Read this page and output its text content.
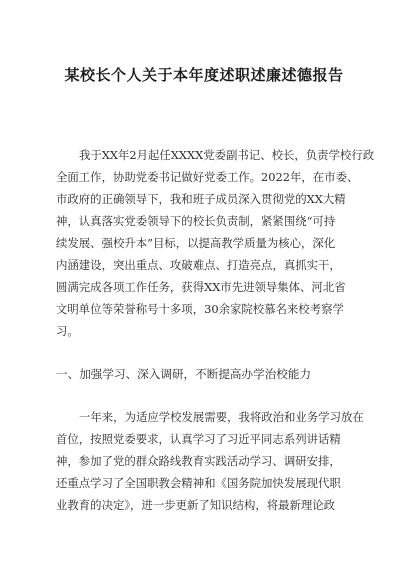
某校长个人关于本年度述职述廉述德报告
我于XX年2月起任XXXX党委副书记、校长，负责学校行政
全面工作，协助党委书记做好党委工作。2022年，在市委、
市政府的正确领导下，我和班子成员深入贯彻党的XX大精
神，认真落实党委领导下的校长负责制，紧紧围绕“可持
续发展、强校升本”目标，以提高教学质量为核心，深化
内涵建设，突出重点、攻破难点、打造亮点，真抓实干，
圆满完成各项工作任务，获得XX市先进领导集体、河北省
文明单位等荣誉称号十多项，30余家院校慕名来校考察学
习。
一、加强学习、深入调研，不断提高办学治校能力
一年来，为适应学校发展需要，我将政治和业务学习放在
首位，按照党委要求，认真学习了习近平同志系列讲话精
神，参加了党的群众路线教育实践活动学习、调研安排，
还重点学习了全国职教会精神和《国务院加快发展现代职
业教育的决定》，进一步更新了知识结构，将最新理论政
